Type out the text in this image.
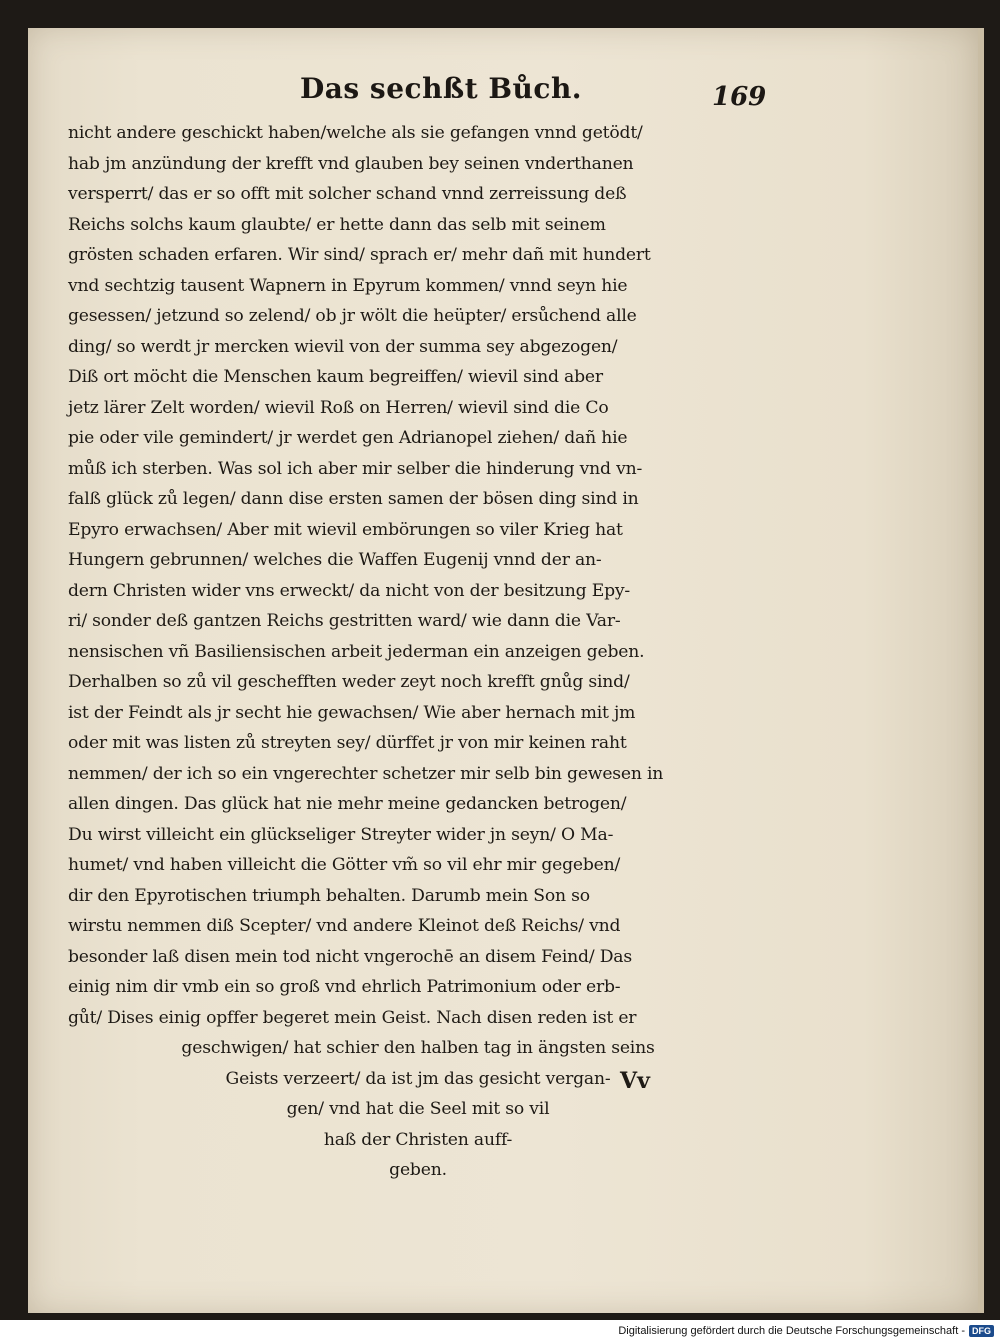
Das sechßt Bůch.	169
nicht andere geschickt haben/welche als sie gefangen vnnd getödt/
hab jm anzündung der krefft vnd glauben bey seinen vnderthanen
versperrt/ das er so offt mit solcher schand vnnd zerreissung deß
Reichs solchs kaum glaubte/ er hette dann das selb mit seinem
grösten schaden erfaren. Wir sind/ sprach er/ mehr dañ mit hundert
vnd sechtzig tausent Wapnern in Epyrum kommen/ vnnd seyn hie
gesessen/ jetzund so zelend/ ob jr wölt die heüpter/ ersůchend alle
ding/ so werdt jr mercken wievil von der summa sey abgezogen/
Diß ort möcht die Menschen kaum begreiffen/ wievil sind aber
jetz lärer Zelt worden/ wievil Roß on Herren/ wievil sind die Co
pie oder vile gemindert/ jr werdet gen Adrianopel ziehen/ dañ hie
můß ich sterben. Was sol ich aber mir selber die hinderung vnd vn-
falß glück zů legen/ dann dise ersten samen der bösen ding sind in
Epyro erwachsen/ Aber mit wievil embörungen so viler Krieg hat
Hungern gebrunnen/ welches die Waffen Eugenij vnnd der an-
dern Christen wider vns erweckt/ da nicht von der besitzung Epy-
ri/ sonder deß gantzen Reichs gestritten ward/ wie dann die Var-
nensischen vñ Basiliensischen arbeit jederman ein anzeigen geben.
Derhalben so zů vil geschefften weder zeyt noch krefft gnůg sind/
ist der Feindt als jr secht hie gewachsen/ Wie aber hernach mit jm
oder mit was listen zů streyten sey/ dürffet jr von mir keinen raht
nemmen/ der ich so ein vngerechter schetzer mir selb bin gewesen in
allen dingen. Das glück hat nie mehr meine gedancken betrogen/
Du wirst villeicht ein glückseliger Streyter wider jn seyn/ O Ma-
humet/ vnd haben villeicht die Götter vm̃ so vil ehr mir gegeben/
dir den Epyrotischen triumph behalten. Darumb mein Son so
wirstu nemmen diß Scepter/ vnd andere Kleinot deß Reichs/ vnd
besonder laß disen mein tod nicht vngerochē an disem Feind/ Das
einig nim dir vmb ein so groß vnd ehrlich Patrimonium oder erb-
gůt/ Dises einig opffer begeret mein Geist. Nach disen reden ist er
geschwigen/ hat schier den halben tag in ängsten seins
Geists verzeert/ da ist jm das gesicht vergan-
gen/ vnd hat die Seel mit so vil
haß der Christen auff-
geben.
Vv
Digitalisierung gefördert durch die Deutsche Forschungsgemeinschaft - DFG
